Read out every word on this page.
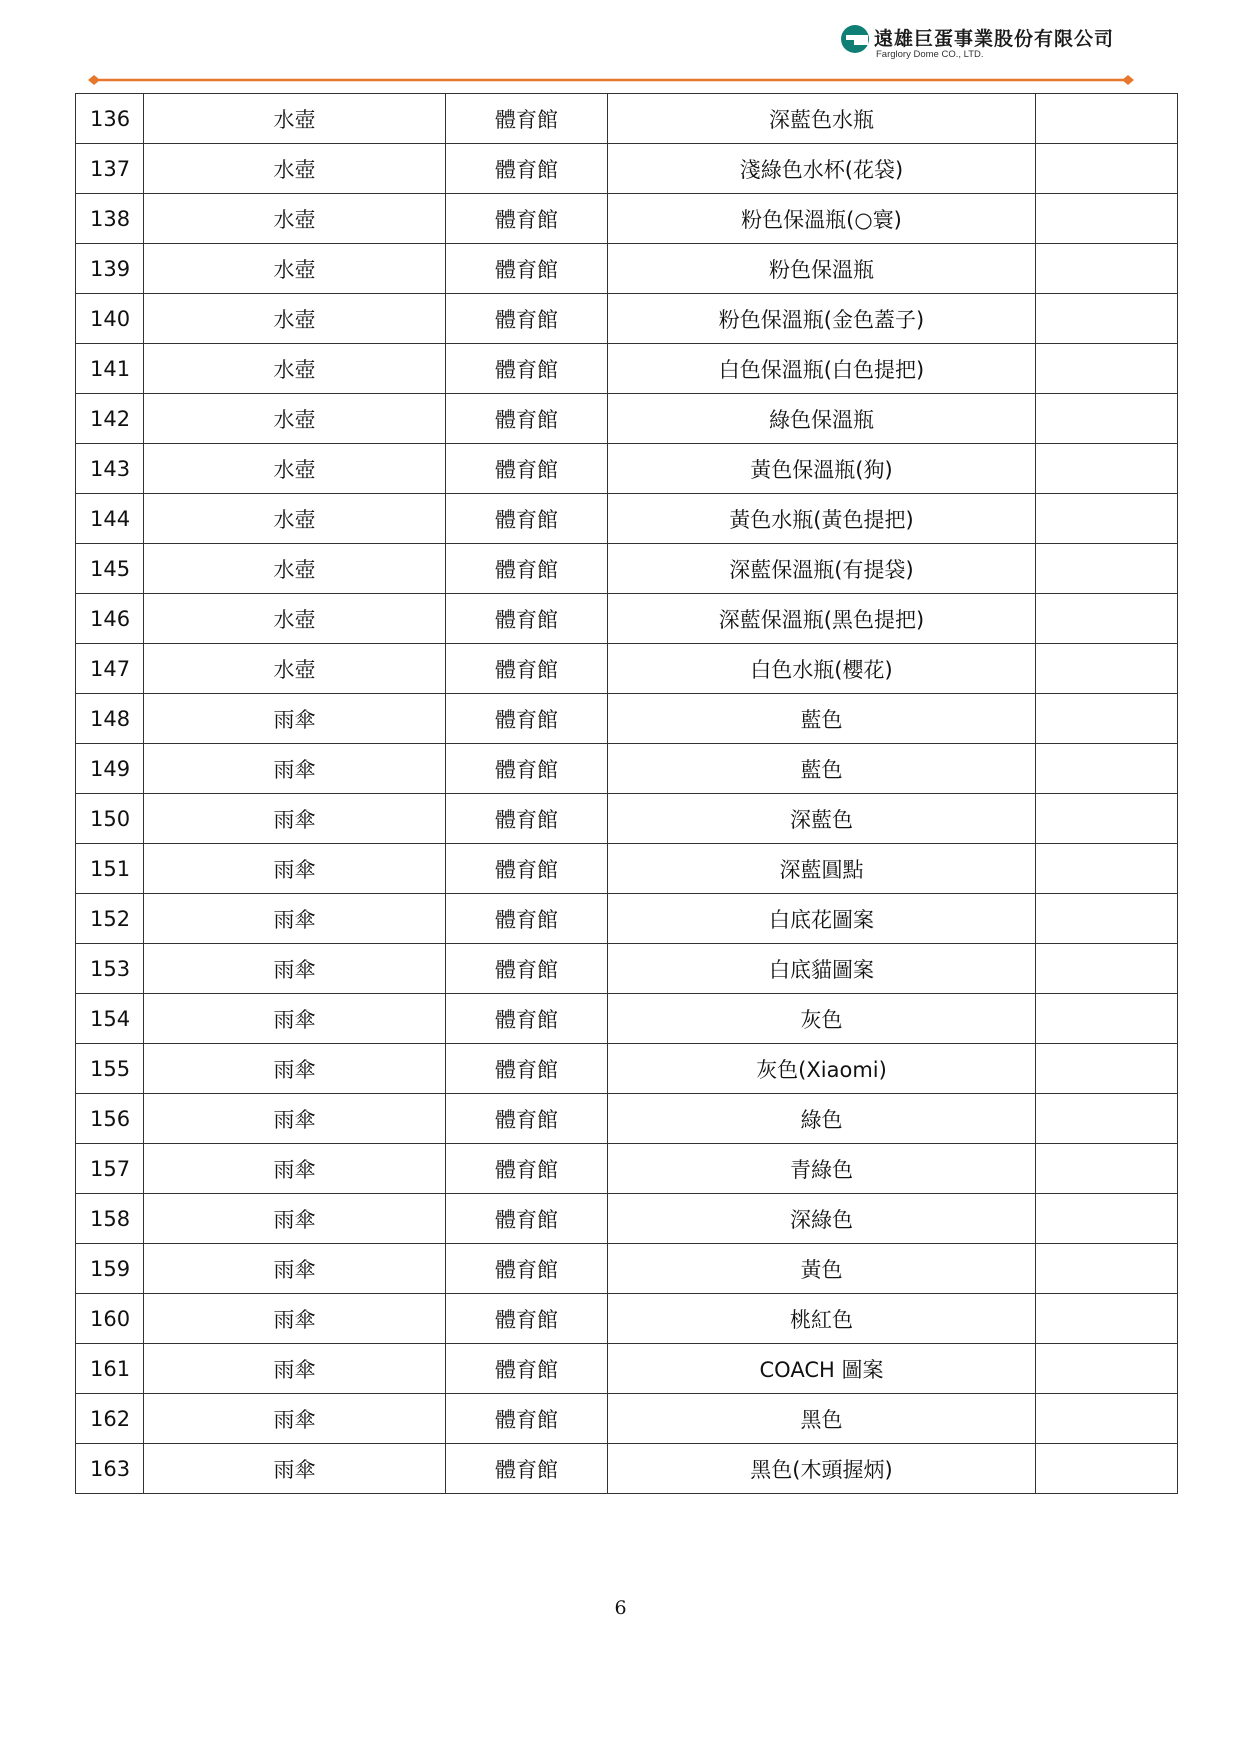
遠雄巨蛋事業股份有限公司
Farglory Dome CO., LTD.
136	水壺	體育館	深藍色水瓶	
137	水壺	體育館	淺綠色水杯(花袋)	
138	水壺	體育館	粉色保溫瓶(○寰)	
139	水壺	體育館	粉色保溫瓶	
140	水壺	體育館	粉色保溫瓶(金色蓋子)	
141	水壺	體育館	白色保溫瓶(白色提把)	
142	水壺	體育館	綠色保溫瓶	
143	水壺	體育館	黃色保溫瓶(狗)	
144	水壺	體育館	黃色水瓶(黃色提把)	
145	水壺	體育館	深藍保溫瓶(有提袋)	
146	水壺	體育館	深藍保溫瓶(黑色提把)	
147	水壺	體育館	白色水瓶(櫻花)	
148	雨傘	體育館	藍色	
149	雨傘	體育館	藍色	
150	雨傘	體育館	深藍色	
151	雨傘	體育館	深藍圓點	
152	雨傘	體育館	白底花圖案	
153	雨傘	體育館	白底貓圖案	
154	雨傘	體育館	灰色	
155	雨傘	體育館	灰色(Xiaomi)	
156	雨傘	體育館	綠色	
157	雨傘	體育館	青綠色	
158	雨傘	體育館	深綠色	
159	雨傘	體育館	黃色	
160	雨傘	體育館	桃紅色	
161	雨傘	體育館	COACH 圖案	
162	雨傘	體育館	黑色	
163	雨傘	體育館	黑色(木頭握炳)	
6
